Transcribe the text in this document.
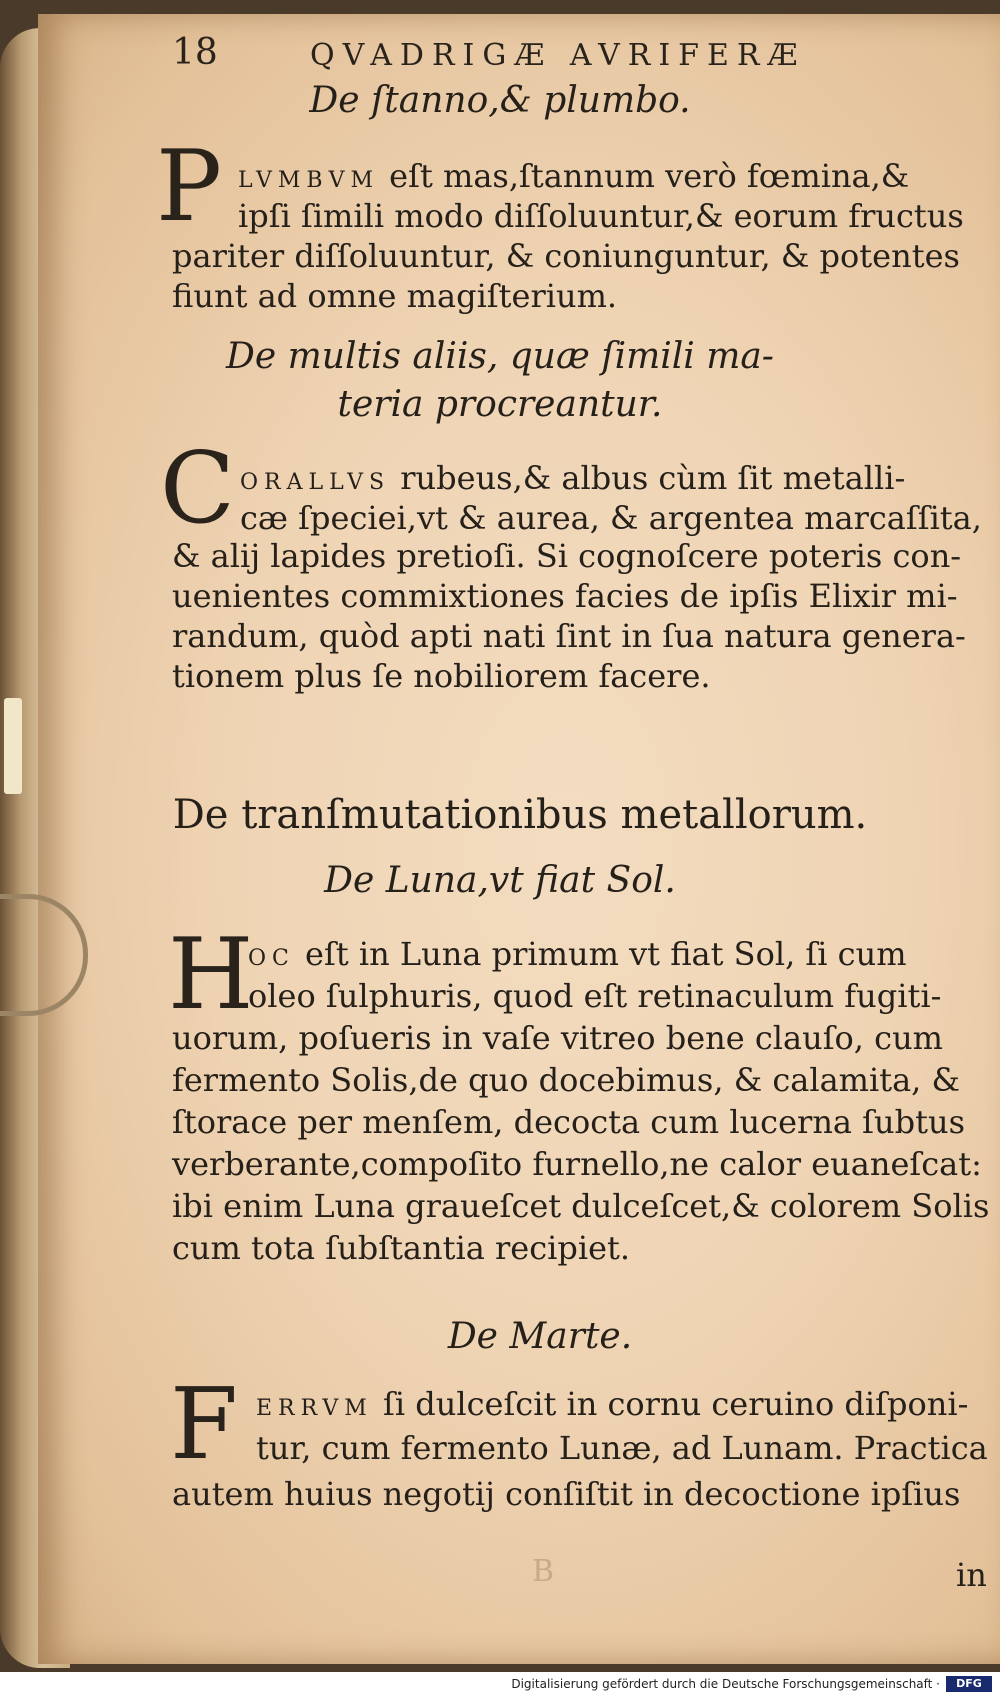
18	QVADRIGÆ AVRIFERÆ
De ſtanno,& plumbo.
P LVMBVM eſt mas,ſtannum verò fœmina,&
ipſi ſimili modo diſſoluuntur,& eorum fructus
pariter diſſoluuntur, & coniunguntur, & potentes
fiunt ad omne magiſterium.
De multis aliis, quæ ſimili ma-
teria procreantur.
C ORALLVS rubeus,& albus cùm ſit metalli-
cæ ſpeciei,vt & aurea, & argentea marcaſſita,
& alij lapides pretioſi. Si cognoſcere poteris con-
uenientes commixtiones facies de ipſis Elixir mi-
randum, quòd apti nati ſint in ſua natura genera-
tionem plus ſe nobiliorem facere.
De tranſmutationibus metallorum.
De Luna,vt fiat Sol.
H
OC eſt in Luna primum vt fiat Sol, ſi cum
oleo ſulphuris, quod eſt retinaculum fugiti-
uorum, poſueris in vaſe vitreo bene clauſo, cum
fermento Solis,de quo docebimus, & calamita, &
ſtorace per menſem, decocta cum lucerna ſubtus
verberante,compoſito furnello,ne calor euaneſcat:
ibi enim Luna graueſcet dulceſcet,& colorem Solis
cum tota ſubſtantia recipiet.
De Marte.
F ERRVM ſi dulceſcit in cornu ceruino diſponi-
tur, cum fermento Lunæ, ad Lunam. Practica
autem huius negotij conſiſtit in decoctione ipſius
B	in
Digitalisierung gefördert durch die Deutsche Forschungsgemeinschaft ·	DFG
